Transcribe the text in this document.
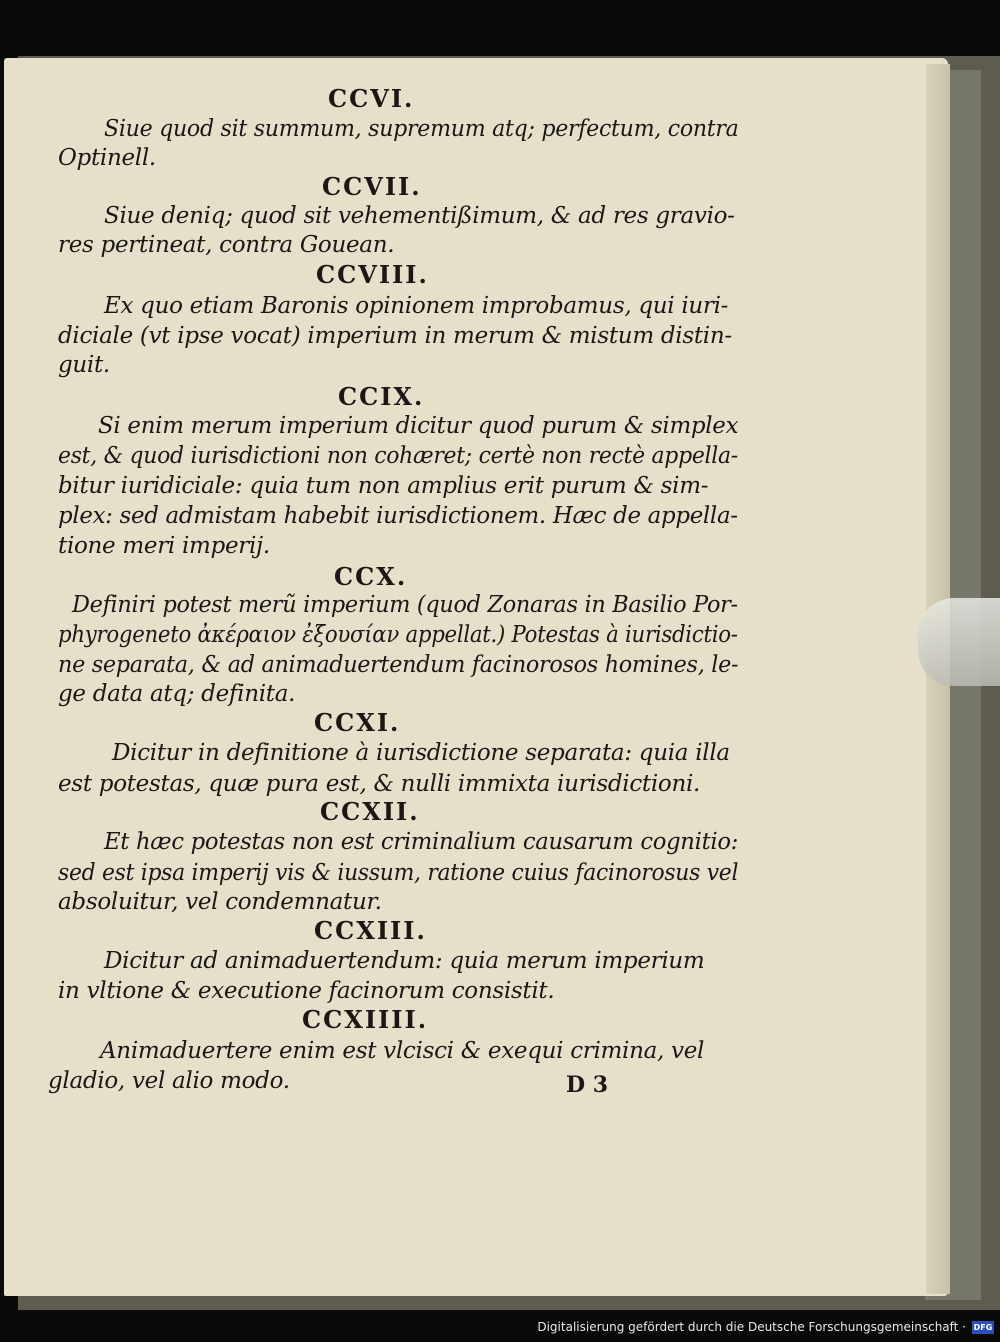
CCVI.
Siue quod sit summum, supremum atq; perfectum, contra
Optinell.
CCVII.
Siue deniq; quod sit vehementißimum, & ad res gravio-
res pertineat, contra Gouean.
CCVIII.
Ex quo etiam Baronis opinionem improbamus, qui iuri-
diciale (vt ipse vocat) imperium in merum & mistum distin-
guit.
CCIX.
Si enim merum imperium dicitur quod purum & simplex
est, & quod iurisdictioni non cohæret; certè non rectè appella-
bitur iuridiciale: quia tum non amplius erit purum & sim-
plex: sed admistam habebit iurisdictionem. Hæc de appella-
tione meri imperij.
CCX.
Definiri potest merũ imperium (quod Zonaras in Basilio Por-
phyrogeneto ἀκέραιον ἐξουσίαν appellat.) Potestas à iurisdictio-
ne separata, & ad animaduertendum facinorosos homines, le-
ge data atq; definita.
CCXI.
Dicitur in definitione à iurisdictione separata: quia illa
est potestas, quæ pura est, & nulli immixta iurisdictioni.
CCXII.
Et hæc potestas non est criminalium causarum cognitio:
sed est ipsa imperij vis & iussum, ratione cuius facinorosus vel
absoluitur, vel condemnatur.
CCXIII.
Dicitur ad animaduertendum: quia merum imperium
in vltione & executione facinorum consistit.
CCXIIII.
Animaduertere enim est vlcisci & exequi crimina, vel
gladio, vel alio modo.	D 3
Digitalisierung gefördert durch die Deutsche Forschungsgemeinschaft · DFG
